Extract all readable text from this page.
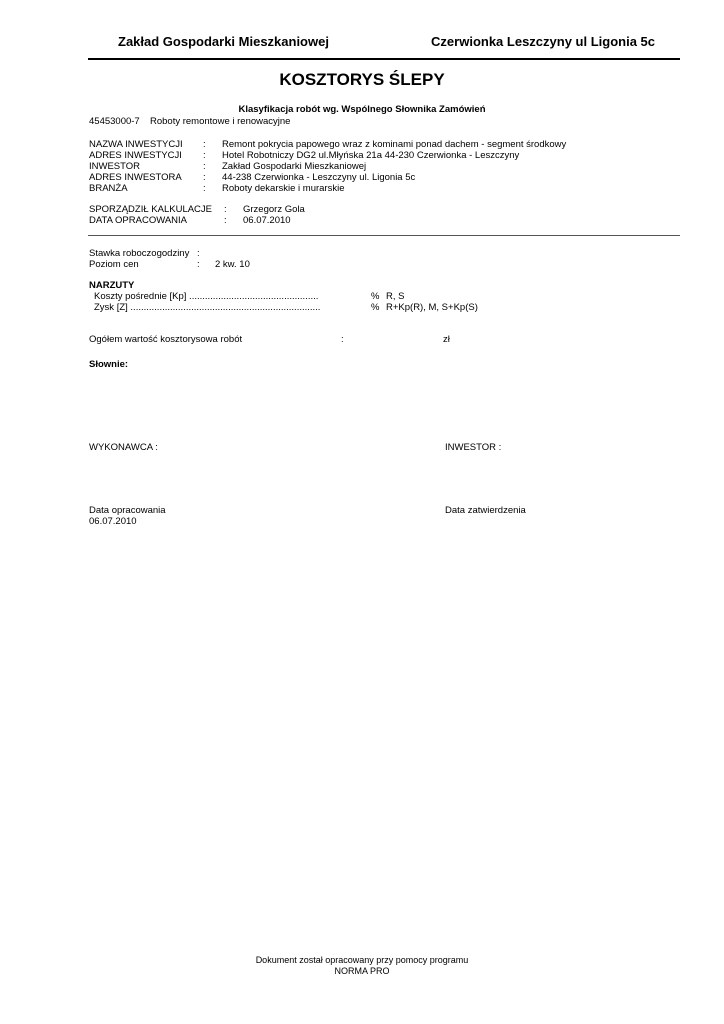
Zakład Gospodarki Mieszkaniowej	Czerwionka Leszczyny ul Ligonia 5c
KOSZTORYS ŚLEPY
Klasyfikacja robót wg. Wspólnego Słownika Zamówień
45453000-7 Roboty remontowe i renowacyjne
NAZWA INWESTYCJI : Remont pokrycia papowego wraz z kominami ponad dachem - segment środkowy
ADRES INWESTYCJI : Hotel Robotniczy DG2 ul.Młyńska 21a 44-230 Czerwionka - Leszczyny
INWESTOR	: Zakład Gospodarki Mieszkaniowej
ADRES INWESTORA : 44-238 Czerwionka - Leszczyny ul. Ligonia 5c
BRANŻA	: Roboty dekarskie i murarskie
SPORZĄDZIŁ KALKULACJE : Grzegorz Gola
DATA OPRACOWANIA	: 06.07.2010
Stawka roboczogodziny :
Poziom cen	: 2 kw. 10
NARZUTY
Koszty pośrednie [Kp] .................................................	% R, S
Zysk [Z] ........................................................................	% R+Kp(R), M, S+Kp(S)
Ogółem wartość kosztorysowa robót	:	zł
Słownie:
WYKONAWCA :	INWESTOR :
Data opracowania
06.07.2010
Data zatwierdzenia
Dokument został opracowany przy pomocy programu
NORMA PRO
